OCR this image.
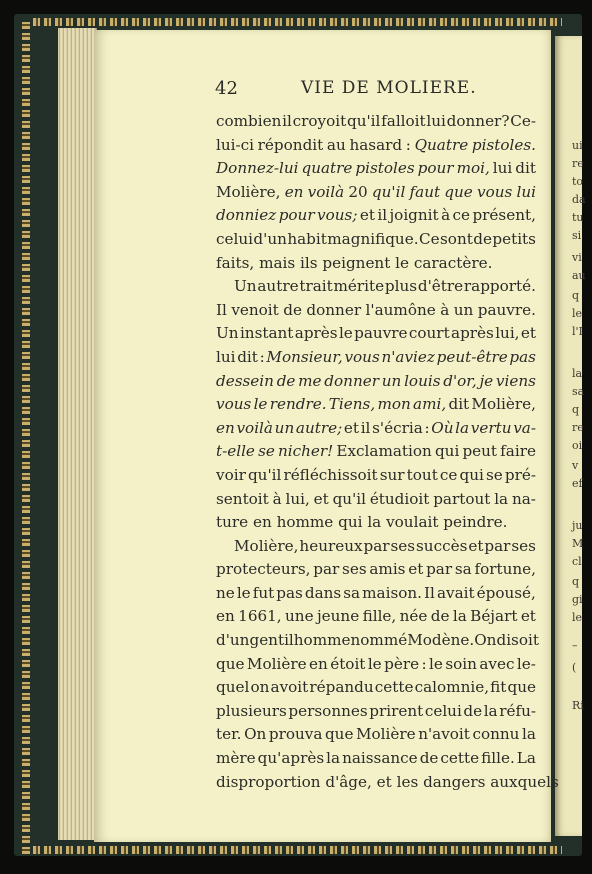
42	VIE DE MOLIERE.
combien il croyoit qu'il falloit lui donner? Ce-
lui-ci répondit au hasard : Quatre pistoles.
Donnez-lui quatre pistoles pour moi, lui dit
Molière, en voilà 20 qu'il faut que vous lui
donniez pour vous; et il joignit à ce présent,
celui d'un habit magnifique. Ce sont de petits
faits, mais ils peignent le caractère.
Un autre trait mérite plus d'être rapporté.
Il venoit de donner l'aumône à un pauvre.
Un instant après le pauvre court après lui, et
lui dit : Monsieur, vous n'aviez peut-être pas
dessein de me donner un louis d'or, je viens
vous le rendre. Tiens, mon ami, dit Molière,
en voilà un autre; et il s'écria : Où la vertu va-
t-elle se nicher! Exclamation qui peut faire
voir qu'il réfléchissoit sur tout ce qui se pré-
sentoit à lui, et qu'il étudioit partout la na-
ture en homme qui la voulait peindre.
Molière, heureux par ses succès et par ses
protecteurs, par ses amis et par sa fortune,
ne le fut pas dans sa maison. Il avait épousé,
en 1661, une jeune fille, née de la Béjart et
d'un gentilhomme nommé Modène. On disoit
que Molière en étoit le père : le soin avec le-
quel on avoit répandu cette calomnie, fit que
plusieurs personnes prirent celui de la réfu-
ter. On prouva que Molière n'avoit connu la
mère qu'après la naissance de cette fille. La
disproportion d'âge, et les dangers auxquels
ui
re
to
da
tu
si
vi
au
q
le
l'I
la
sa
q
re
oi
v
ef
ju
M
cl
q
gi
le
–
(
Ri
